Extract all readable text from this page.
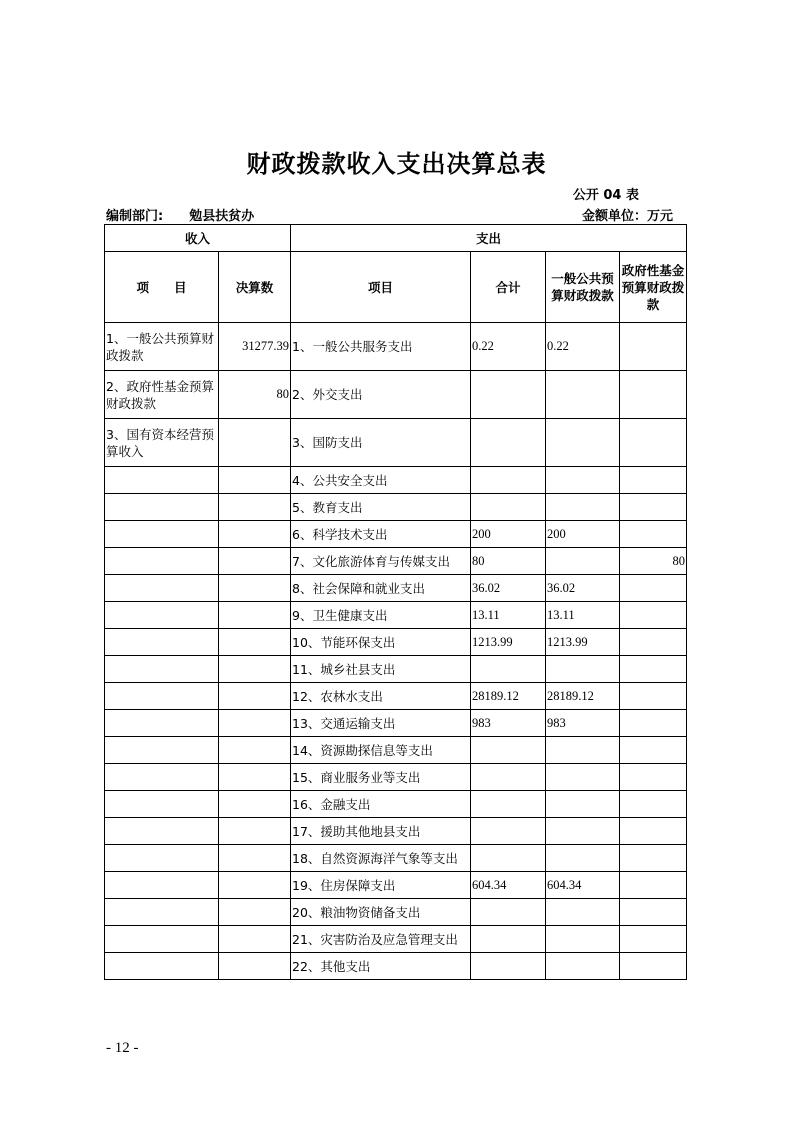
财政拨款收入支出决算总表
公开 04 表
编制部门: 勉县扶贫办	金额单位：万元
收入		支出			
项　　目	决算数	项目	合计	一般公共预算财政拨款	政府性基金预算财政拨款
1、一般公共预算财政拨款	31277.39	1、一般公共服务支出	0.22	0.22	
2、政府性基金预算财政拨款	80	2、外交支出			
3、国有资本经营预算收入		3、国防支出			
		4、公共安全支出			
		5、教育支出			
		6、科学技术支出	200	200	
		7、文化旅游体育与传媒支出	80		80
		8、社会保障和就业支出	36.02	36.02	
		9、卫生健康支出	13.11	13.11	
		10、节能环保支出	1213.99	1213.99	
		11、城乡社县支出			
		12、农林水支出	28189.12	28189.12	
		13、交通运输支出	983	983	
		14、资源勘探信息等支出			
		15、商业服务业等支出			
		16、金融支出			
		17、援助其他地县支出			
		18、自然资源海洋气象等支出			
		19、住房保障支出	604.34	604.34	
		20、粮油物资储备支出			
		21、灾害防治及应急管理支出			
		22、其他支出			
- 12 -
